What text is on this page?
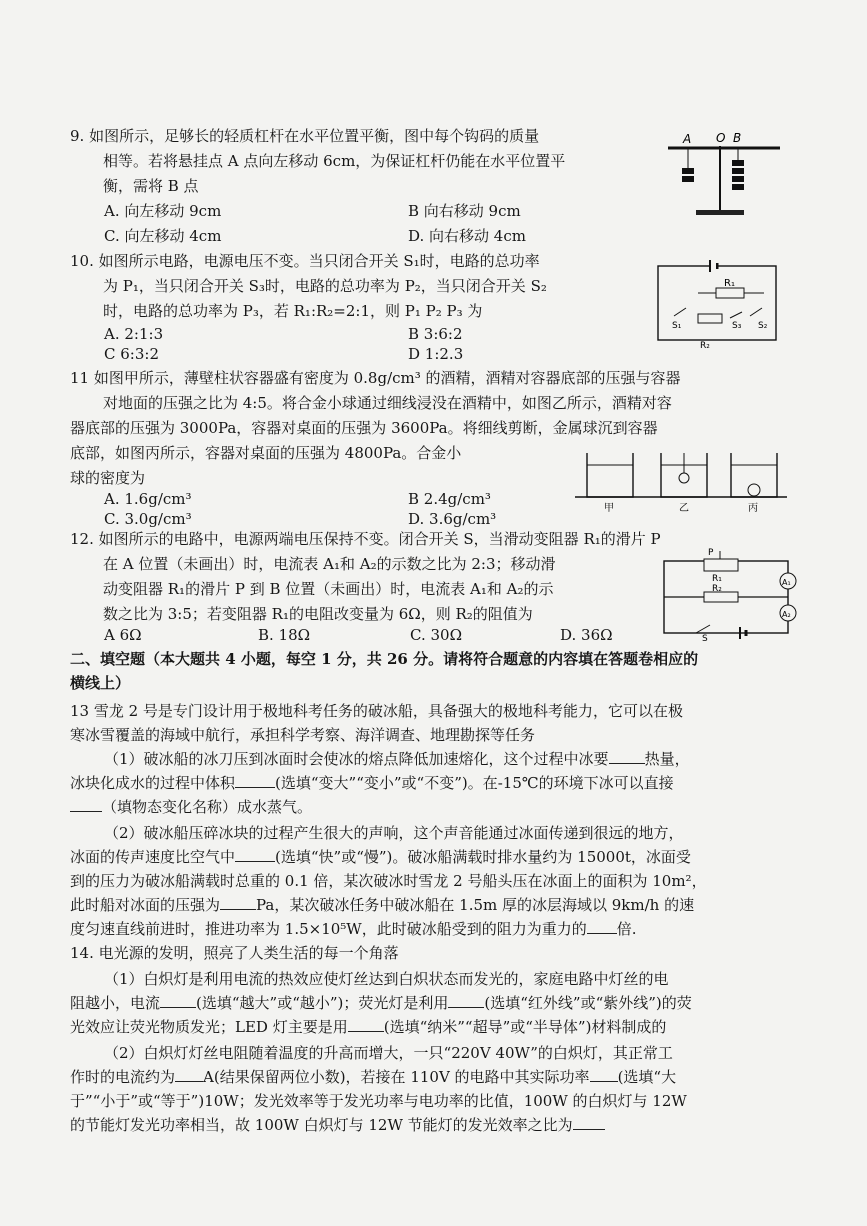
9. 如图所示，足够长的轻质杠杆在水平位置平衡，图中每个钩码的质量
相等。若将悬挂点 A 点向左移动 6cm，为保证杠杆仍能在水平位置平
衡，需将 B 点
A. 向左移动 9cm	B 向右移动 9cm
C. 向左移动 4cm	D. 向右移动 4cm
A O B
10. 如图所示电路，电源电压不变。当只闭合开关 S₁时，电路的总功率
为 P₁，当只闭合开关 S₃时，电路的总功率为 P₂，当只闭合开关 S₂
时，电路的总功率为 P₃，若 R₁:R₂=2:1，则 P₁ P₂ P₃ 为
A. 2:1:3	B 3:6:2
C 6:3:2	D 1:2.3
R₁
S₁	S₂
S₃
R₂
11 如图甲所示，薄壁柱状容器盛有密度为 0.8g/cm³ 的酒精，酒精对容器底部的压强与容器
对地面的压强之比为 4:5。将合金小球通过细线浸没在酒精中，如图乙所示，酒精对容
器底部的压强为 3000Pa，容器对桌面的压强为 3600Pa。将细线剪断，金属球沉到容器
底部，如图丙所示，容器对桌面的压强为 4800Pa。合金小
球的密度为
A. 1.6g/cm³	B 2.4g/cm³
C. 3.0g/cm³	D. 3.6g/cm³
甲	乙	丙
12. 如图所示的电路中，电源两端电压保持不变。闭合开关 S，当滑动变阻器 R₁的滑片 P
在 A 位置（未画出）时，电流表 A₁和 A₂的示数之比为 2:3；移动滑
动变阻器 R₁的滑片 P 到 B 位置（未画出）时，电流表 A₁和 A₂的示
数之比为 3:5；若变阻器 R₁的电阻改变量为 6Ω，则 R₂的阻值为
A 6Ω	B. 18Ω	C. 30Ω	D. 36Ω
P
R₁
R₂
A₁
A₂
S
二、填空题（本大题共 4 小题，每空 1 分，共 26 分。请将符合题意的内容填在答题卷相应的
横线上）
13 雪龙 2 号是专门设计用于极地科考任务的破冰船，具备强大的极地科考能力，它可以在极
寒冰雪覆盖的海域中航行，承担科学考察、海洋调查、地理勘探等任务
（1）破冰船的冰刀压到冰面时会使冰的熔点降低加速熔化，这个过程中冰要 热量，
冰块化成水的过程中体积	(选填“变大”“变小”或“不变”)。在-15℃的环境下冰可以直接
（填物态变化名称）成水蒸气。
（2）破冰船压碎冰块的过程产生很大的声响，这个声音能通过冰面传递到很远的地方，
冰面的传声速度比空气中	(选填“快”或“慢”)。破冰船满载时排水量约为 15000t，冰面受
到的压力为破冰船满载时总重的 0.1 倍，某次破冰时雪龙 2 号船头压在冰面上的面积为 10m²，
此时船对冰面的压强为 Pa，某次破冰任务中破冰船在 1.5m 厚的冰层海域以 9km/h 的速
度匀速直线前进时，推进功率为 1.5×10⁵W，此时破冰船受到的阻力为重力的 倍.
14. 电光源的发明，照亮了人类生活的每一个角落
（1）白炽灯是利用电流的热效应使灯丝达到白炽状态而发光的，家庭电路中灯丝的电
阻越小，电流 (选填“越大”或“越小”)；荧光灯是利用 (选填“红外线”或“紫外线”)的荧
光效应让荧光物质发光；LED 灯主要是用 (选填“纳米”“超导”或“半导体”)材料制成的
（2）白炽灯灯丝电阻随着温度的升高而增大，一只“220V 40W”的白炽灯，其正常工
作时的电流约为 A(结果保留两位小数)，若接在 110V 的电路中其实际功率 (选填“大
于”“小于”或“等于”)10W；发光效率等于发光功率与电功率的比值，100W 的白炽灯与 12W
的节能灯发光功率相当，故 100W 白炽灯与 12W 节能灯的发光效率之比为
